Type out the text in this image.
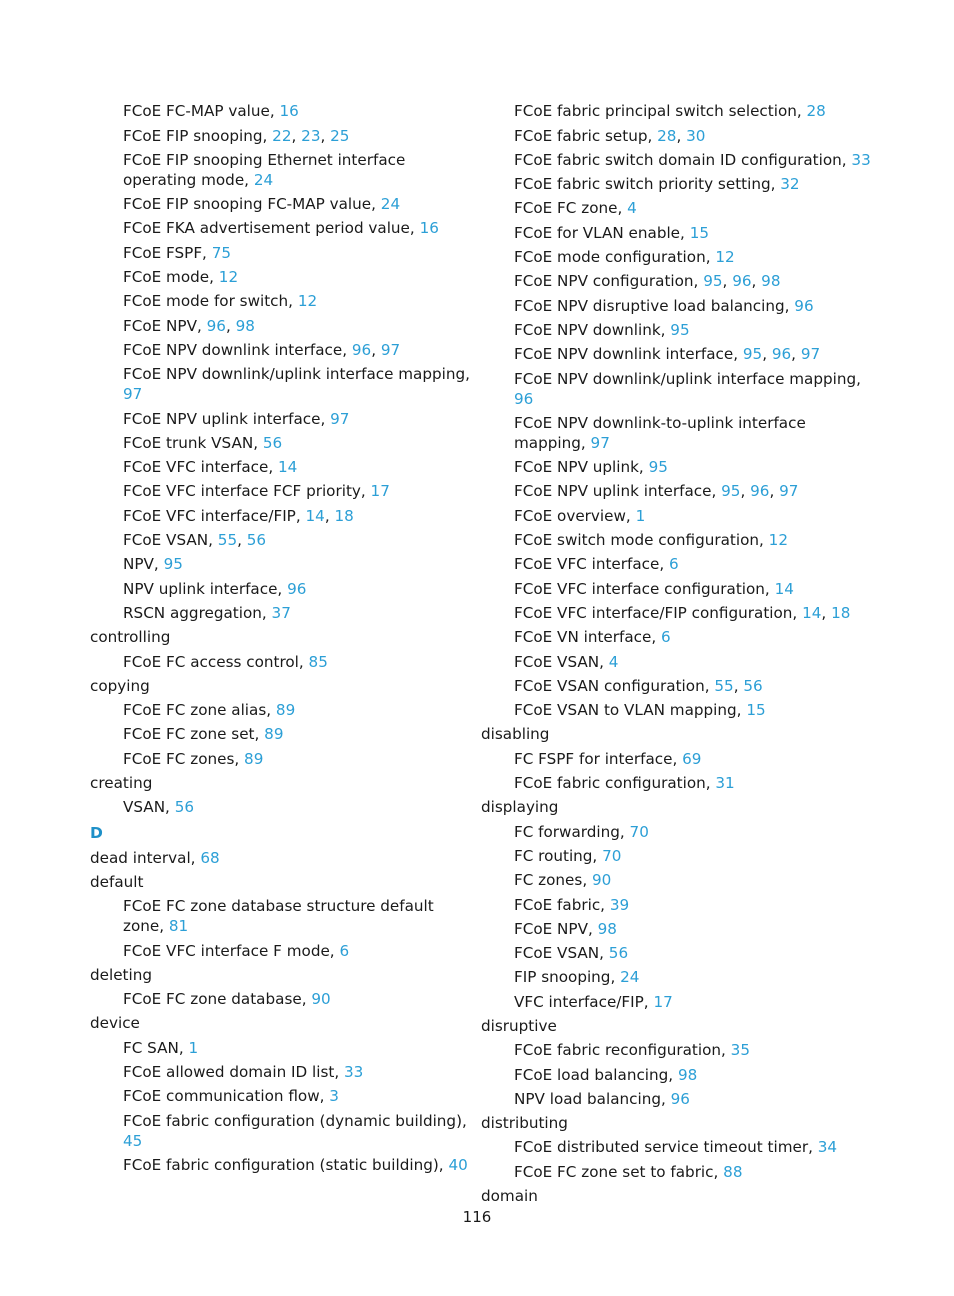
FCoE FC-MAP value, 16
FCoE FIP snooping, 22, 23, 25
FCoE FIP snooping Ethernet interface operating mode, 24
FCoE FIP snooping FC-MAP value, 24
FCoE FKA advertisement period value, 16
FCoE FSPF, 75
FCoE mode, 12
FCoE mode for switch, 12
FCoE NPV, 96, 98
FCoE NPV downlink interface, 96, 97
FCoE NPV downlink/uplink interface mapping, 97
FCoE NPV uplink interface, 97
FCoE trunk VSAN, 56
FCoE VFC interface, 14
FCoE VFC interface FCF priority, 17
FCoE VFC interface/FIP, 14, 18
FCoE VSAN, 55, 56
NPV, 95
NPV uplink interface, 96
RSCN aggregation, 37
controlling
FCoE FC access control, 85
copying
FCoE FC zone alias, 89
FCoE FC zone set, 89
FCoE FC zones, 89
creating
VSAN, 56
D
dead interval, 68
default
FCoE FC zone database structure default zone, 81
FCoE VFC interface F mode, 6
deleting
FCoE FC zone database, 90
device
FC SAN, 1
FCoE allowed domain ID list, 33
FCoE communication flow, 3
FCoE fabric configuration (dynamic building), 45
FCoE fabric configuration (static building), 40
FCoE fabric principal switch selection, 28
FCoE fabric setup, 28, 30
FCoE fabric switch domain ID configuration, 33
FCoE fabric switch priority setting, 32
FCoE FC zone, 4
FCoE for VLAN enable, 15
FCoE mode configuration, 12
FCoE NPV configuration, 95, 96, 98
FCoE NPV disruptive load balancing, 96
FCoE NPV downlink, 95
FCoE NPV downlink interface, 95, 96, 97
FCoE NPV downlink/uplink interface mapping, 96
FCoE NPV downlink-to-uplink interface mapping, 97
FCoE NPV uplink, 95
FCoE NPV uplink interface, 95, 96, 97
FCoE overview, 1
FCoE switch mode configuration, 12
FCoE VFC interface, 6
FCoE VFC interface configuration, 14
FCoE VFC interface/FIP configuration, 14, 18
FCoE VN interface, 6
FCoE VSAN, 4
FCoE VSAN configuration, 55, 56
FCoE VSAN to VLAN mapping, 15
disabling
FC FSPF for interface, 69
FCoE fabric configuration, 31
displaying
FC forwarding, 70
FC routing, 70
FC zones, 90
FCoE fabric, 39
FCoE NPV, 98
FCoE VSAN, 56
FIP snooping, 24
VFC interface/FIP, 17
disruptive
FCoE fabric reconfiguration, 35
FCoE load balancing, 98
NPV load balancing, 96
distributing
FCoE distributed service timeout timer, 34
FCoE FC zone set to fabric, 88
domain
116
